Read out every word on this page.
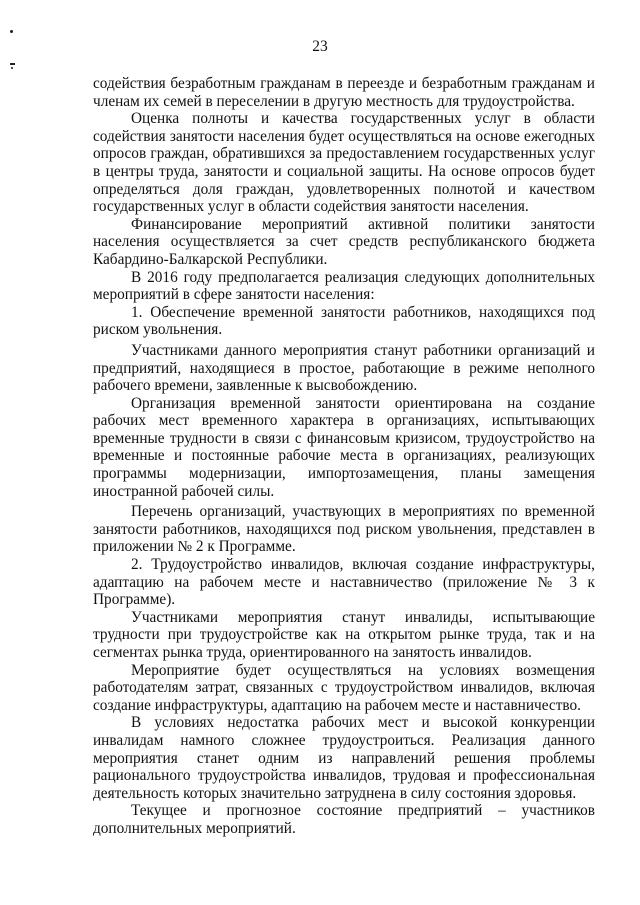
23

содействия безработным гражданам в переезде и безработным гражданам и членам их семей в переселении в другую местность для трудоустройства.

Оценка полноты и качества государственных услуг в области содействия занятости населения будет осуществляться на основе ежегодных опросов граждан, обратившихся за предоставлением государственных услуг в центры труда, занятости и социальной защиты. На основе опросов будет определяться доля граждан, удовлетворенных полнотой и качеством государственных услуг в области содействия занятости населения.

Финансирование мероприятий активной политики занятости населения осуществляется за счет средств республиканского бюджета Кабардино-Балкарской Республики.

В 2016 году предполагается реализация следующих дополнительных мероприятий в сфере занятости населения:

1. Обеспечение временной занятости работников, находящихся под риском увольнения.

Участниками данного мероприятия станут работники организаций и предприятий, находящиеся в простое, работающие в режиме неполного рабочего времени, заявленные к высвобождению.

Организация временной занятости ориентирована на создание рабочих мест временного характера в организациях, испытывающих временные трудности в связи с финансовым кризисом, трудоустройство на временные и постоянные рабочие места в организациях, реализующих программы модернизации, импортозамещения, планы замещения иностранной рабочей силы.

Перечень организаций, участвующих в мероприятиях по временной занятости работников, находящихся под риском увольнения, представлен в приложении № 2 к Программе.

2. Трудоустройство инвалидов, включая создание инфраструктуры, адаптацию на рабочем месте и наставничество (приложение № 3 к Программе).

Участниками мероприятия станут инвалиды, испытывающие трудности при трудоустройстве как на открытом рынке труда, так и на сегментах рынка труда, ориентированного на занятость инвалидов.

Мероприятие будет осуществляться на условиях возмещения работодателям затрат, связанных с трудоустройством инвалидов, включая создание инфраструктуры, адаптацию на рабочем месте и наставничество.

В условиях недостатка рабочих мест и высокой конкуренции инвалидам намного сложнее трудоустроиться. Реализация данного мероприятия станет одним из направлений решения проблемы рационального трудоустройства инвалидов, трудовая и профессиональная деятельность которых значительно затруднена в силу состояния здоровья.

Текущее и прогнозное состояние предприятий – участников дополнительных мероприятий.
